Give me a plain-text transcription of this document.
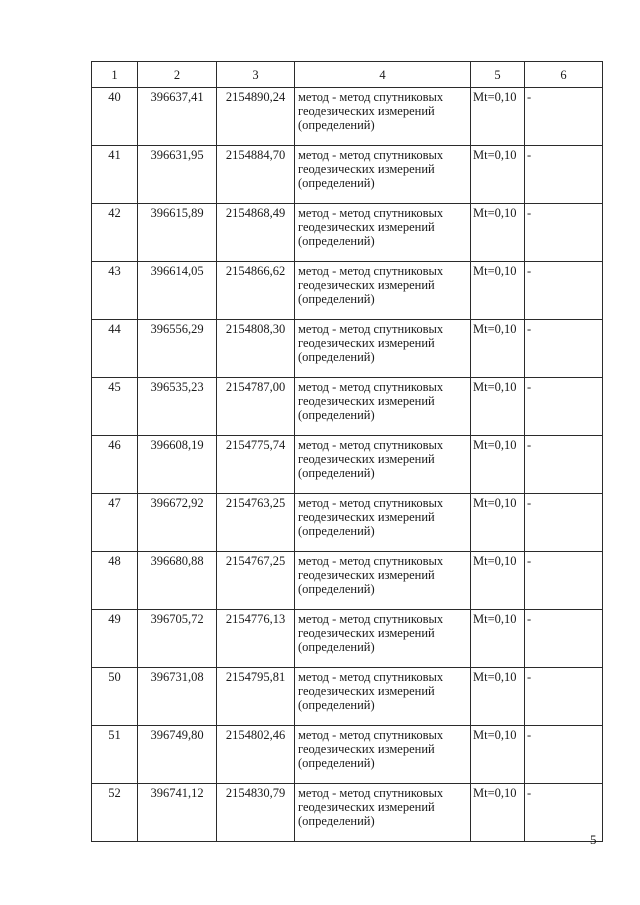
1	2	3	4	5	6
40	396637,41	2154890,24	метод - метод спутниковых геодезических измерений (определений)	Mt=0,10	-
41	396631,95	2154884,70	метод - метод спутниковых геодезических измерений (определений)	Mt=0,10	-
42	396615,89	2154868,49	метод - метод спутниковых геодезических измерений (определений)	Mt=0,10	-
43	396614,05	2154866,62	метод - метод спутниковых геодезических измерений (определений)	Mt=0,10	-
44	396556,29	2154808,30	метод - метод спутниковых геодезических измерений (определений)	Mt=0,10	-
45	396535,23	2154787,00	метод - метод спутниковых геодезических измерений (определений)	Mt=0,10	-
46	396608,19	2154775,74	метод - метод спутниковых геодезических измерений (определений)	Mt=0,10	-
47	396672,92	2154763,25	метод - метод спутниковых геодезических измерений (определений)	Mt=0,10	-
48	396680,88	2154767,25	метод - метод спутниковых геодезических измерений (определений)	Mt=0,10	-
49	396705,72	2154776,13	метод - метод спутниковых геодезических измерений (определений)	Mt=0,10	-
50	396731,08	2154795,81	метод - метод спутниковых геодезических измерений (определений)	Mt=0,10	-
51	396749,80	2154802,46	метод - метод спутниковых геодезических измерений (определений)	Mt=0,10	-
52	396741,12	2154830,79	метод - метод спутниковых геодезических измерений (определений)	Mt=0,10	-
5
